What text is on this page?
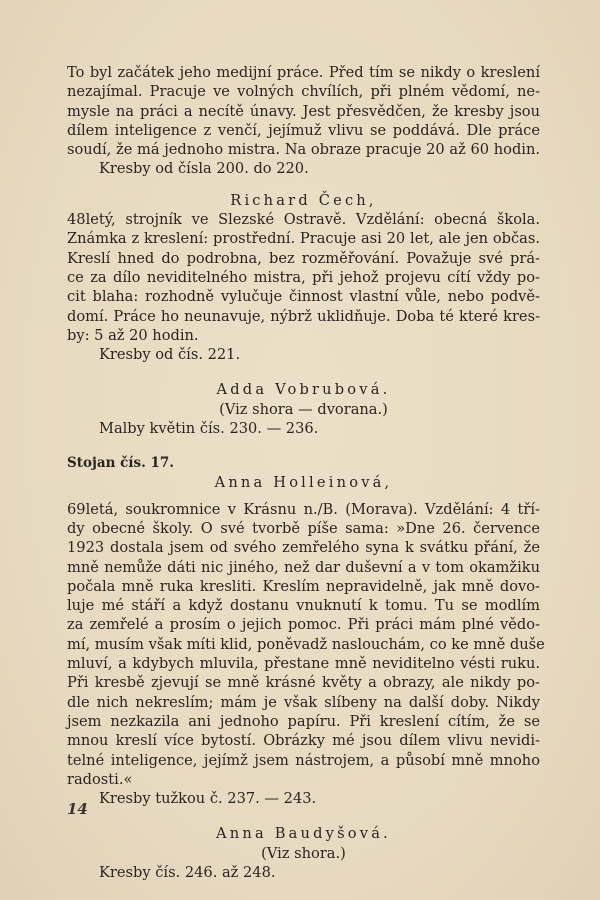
To byl začátek jeho medijní práce. Před tím se nikdy o kreslení
nezajímal. Pracuje ve volných chvílích, při plném vědomí, ne-
mysle na práci a necítě únavy. Jest přesvědčen, že kresby jsou
dílem inteligence z venčí, jejímuž vlivu se poddává. Dle práce
soudí, že má jednoho mistra. Na obraze pracuje 20 až 60 hodin.

Kresby od čísla 200. do 220.

Richard Čech,

48letý, strojník ve Slezské Ostravě. Vzdělání: obecná škola.
Známka z kreslení: prostřední. Pracuje asi 20 let, ale jen občas.
Kreslí hned do podrobna, bez rozměřování. Považuje své prá-
ce za dílo neviditelného mistra, při jehož projevu cítí vždy po-
cit blaha: rozhodně vylučuje činnost vlastní vůle, nebo podvě-
domí. Práce ho neunavuje, nýbrž uklidňuje. Doba té které kres-
by: 5 až 20 hodin.

Kresby od čís. 221.

Adda Vobrubová.

(Viz shora — dvorana.)

Malby květin čís. 230. — 236.

Stojan čís. 17.

Anna Holleinová,

69letá, soukromnice v Krásnu n./B. (Morava). Vzdělání: 4 tří-
dy obecné školy. O své tvorbě píše sama: »Dne 26. července
1923 dostala jsem od svého zemřelého syna k svátku přání, že
mně nemůže dáti nic jiného, než dar duševní a v tom okamžiku
počala mně ruka kresliti. Kreslím nepravidelně, jak mně dovo-
luje mé stáří a když dostanu vnuknutí k tomu. Tu se modlím
za zemřelé a prosím o jejich pomoc. Při práci mám plné vědo-
mí, musím však míti klid, poněvadž naslouchám, co ke mně duše
mluví, a kdybych mluvila, přestane mně neviditelno vésti ruku.
Při kresbě zjevují se mně krásné květy a obrazy, ale nikdy po-
dle nich nekreslím; mám je však slíbeny na další doby. Nikdy
jsem nezkazila ani jednoho papíru. Při kreslení cítím, že se
mnou kreslí více bytostí. Obrázky mé jsou dílem vlivu nevidi-
telné inteligence, jejímž jsem nástrojem, a působí mně mnoho
radosti.«

Kresby tužkou č. 237. — 243.

Anna Baudyšová.

(Viz shora.)

Kresby čís. 246. až 248.

14
